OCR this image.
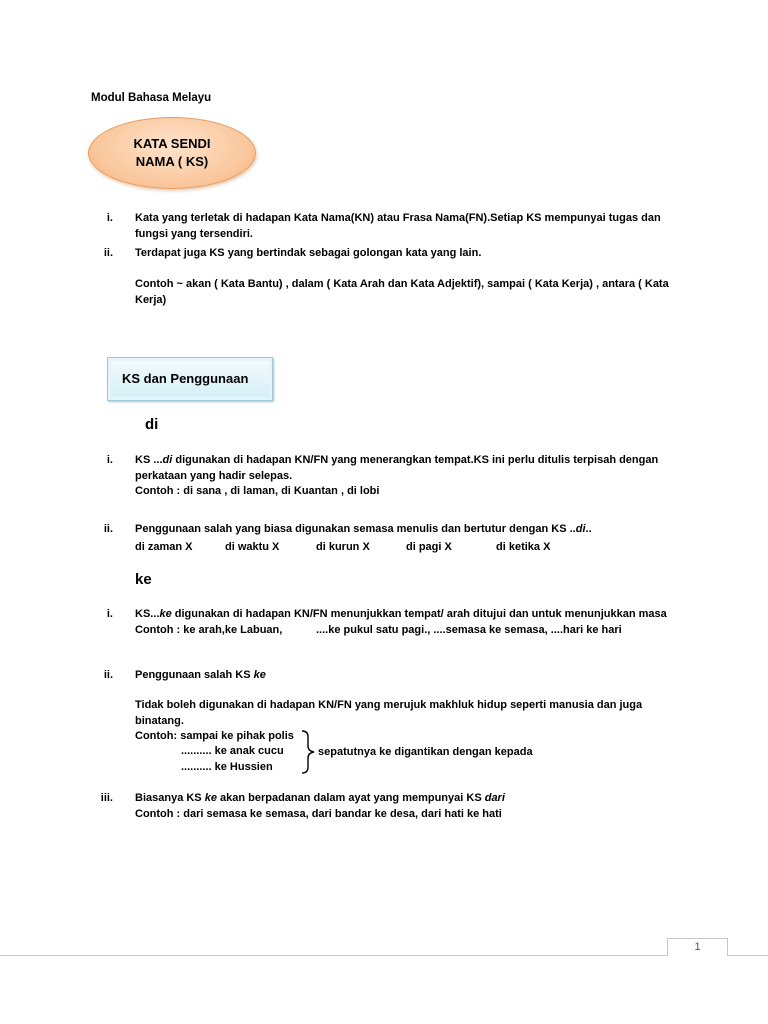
Modul Bahasa Melayu
KATA SENDI
NAMA ( KS)
i. Kata yang terletak di hadapan Kata Nama(KN) atau Frasa Nama(FN).Setiap KS mempunyai tugas dan
fungsi yang tersendiri.
ii. Terdapat juga KS yang bertindak sebagai golongan kata yang lain.
Contoh ~ akan ( Kata Bantu) , dalam ( Kata Arah dan Kata Adjektif), sampai ( Kata Kerja) , antara ( Kata
Kerja)
KS dan Penggunaan
di
i. KS ...di digunakan di hadapan KN/FN yang menerangkan tempat.KS ini perlu ditulis terpisah dengan
perkataan yang hadir selepas.
Contoh : di sana , di laman, di Kuantan , di lobi
ii. Penggunaan salah yang biasa digunakan semasa menulis dan bertutur dengan KS ..di..
di zaman X	di waktu X	di kurun X	di pagi X	di ketika X
ke
i. KS...ke digunakan di hadapan KN/FN menunjukkan tempat/ arah ditujui dan untuk menunjukkan masa
Contoh : ke arah,ke Labuan,	....ke pukul satu pagi., ....semasa ke semasa, ....hari ke hari
ii. Penggunaan salah KS ke
Tidak boleh digunakan di hadapan KN/FN yang merujuk makhluk hidup seperti manusia dan juga
binatang.
Contoh: sampai ke pihak polis
.......... ke anak cucu
.......... ke Hussien
sepatutnya ke digantikan dengan kepada
iii. Biasanya KS ke akan berpadanan dalam ayat yang mempunyai KS dari
Contoh : dari semasa ke semasa, dari bandar ke desa, dari hati ke hati
1
